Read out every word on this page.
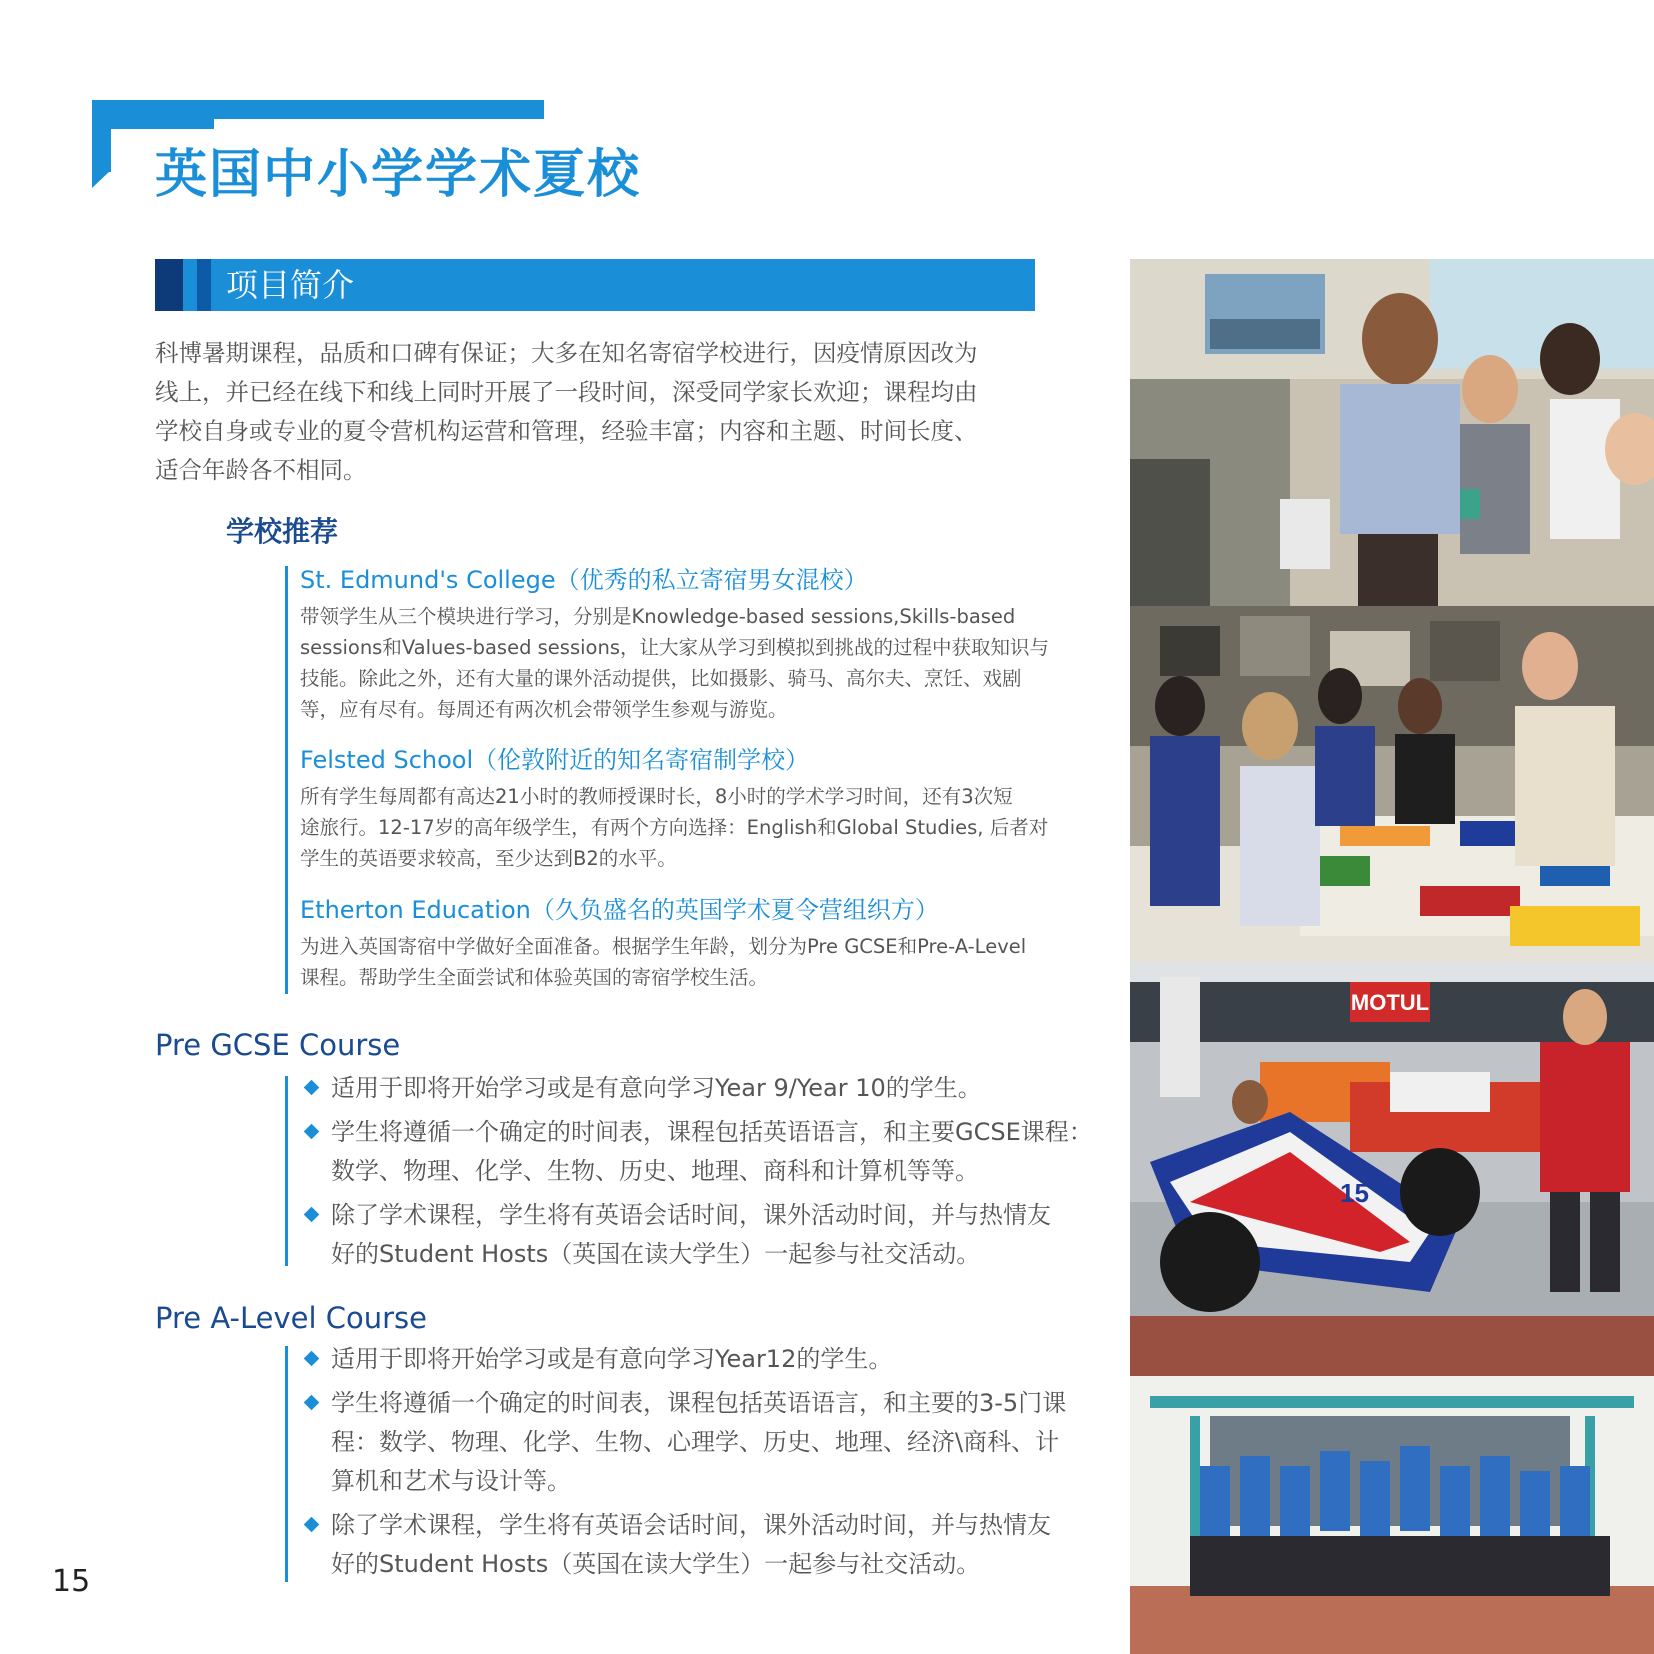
英国中小学学术夏校
项目简介
科博暑期课程，品质和口碑有保证；大多在知名寄宿学校进行，因疫情原因改为
线上，并已经在线下和线上同时开展了一段时间，深受同学家长欢迎；课程均由
学校自身或专业的夏令营机构运营和管理，经验丰富；内容和主题、时间长度、
适合年龄各不相同。
学校推荐
St. Edmund's College（优秀的私立寄宿男女混校）
带领学生从三个模块进行学习，分别是Knowledge-based sessions,Skills-based
sessions和Values-based sessions，让大家从学习到模拟到挑战的过程中获取知识与
技能。除此之外，还有大量的课外活动提供，比如摄影、骑马、高尔夫、烹饪、戏剧
等，应有尽有。每周还有两次机会带领学生参观与游览。
Felsted School（伦敦附近的知名寄宿制学校）
所有学生每周都有高达21小时的教师授课时长，8小时的学术学习时间，还有3次短
途旅行。12-17岁的高年级学生，有两个方向选择：English和Global Studies, 后者对
学生的英语要求较高，至少达到B2的水平。
Etherton Education（久负盛名的英国学术夏令营组织方）
为进入英国寄宿中学做好全面准备。根据学生年龄，划分为Pre GCSE和Pre-A-Level
课程。帮助学生全面尝试和体验英国的寄宿学校生活。
Pre GCSE Course
适用于即将开始学习或是有意向学习Year 9/Year 10的学生。
学生将遵循一个确定的时间表，课程包括英语语言，和主要GCSE课程：
数学、物理、化学、生物、历史、地理、商科和计算机等等。
除了学术课程，学生将有英语会话时间，课外活动时间，并与热情友
好的Student Hosts（英国在读大学生）一起参与社交活动。
Pre A-Level Course
适用于即将开始学习或是有意向学习Year12的学生。
学生将遵循一个确定的时间表，课程包括英语语言，和主要的3-5门课
程：数学、物理、化学、生物、心理学、历史、地理、经济\商科、计
算机和艺术与设计等。
除了学术课程，学生将有英语会话时间，课外活动时间，并与热情友
好的Student Hosts（英国在读大学生）一起参与社交活动。
15
MOTUL
15
